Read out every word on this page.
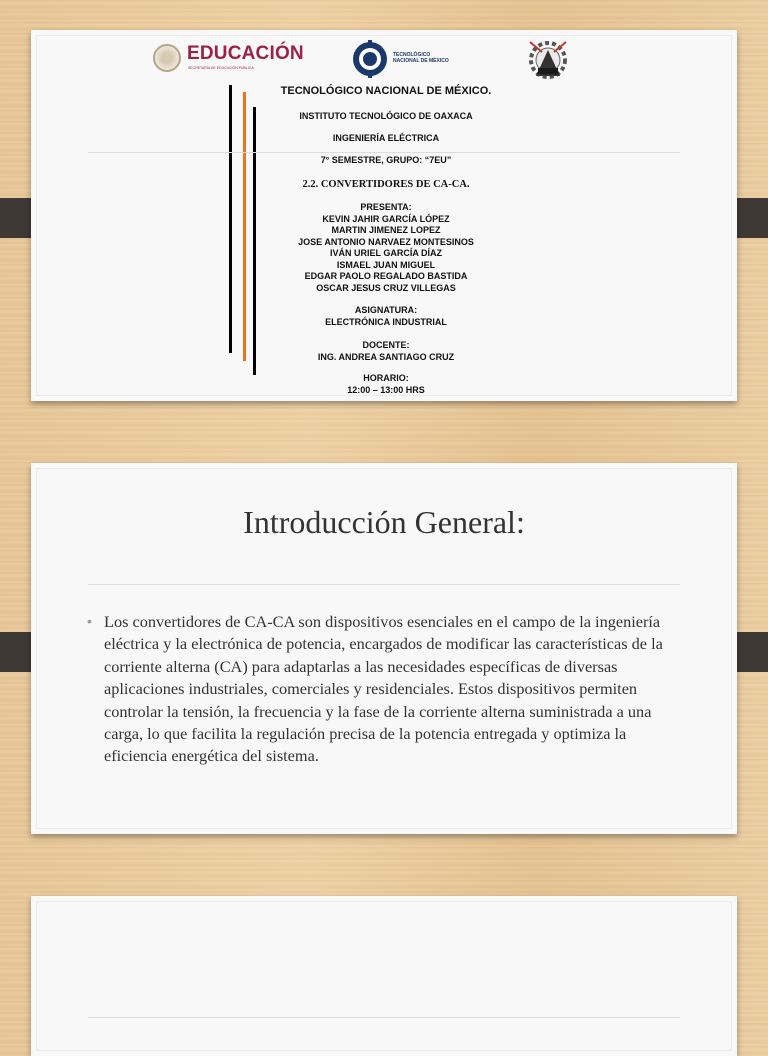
EDUCACIÓN
SECRETARÍA DE EDUCACIÓN PÚBLICA
TECNOLÓGICO
NACIONAL DE MÉXICO
TECNOLÓGICO NACIONAL DE MÉXICO.
INSTITUTO TECNOLÓGICO DE OAXACA
INGENIERÍA ELÉCTRICA
7° SEMESTRE, GRUPO: “7EU”
2.2. CONVERTIDORES DE CA-CA.
PRESENTA:
KEVIN JAHIR GARCÍA LÓPEZ
MARTIN JIMENEZ LOPEZ
JOSE ANTONIO NARVAEZ MONTESINOS
IVÁN URIEL GARCÍA DÍAZ
ISMAEL JUAN MIGUEL
EDGAR PAOLO REGALADO BASTIDA
OSCAR JESUS CRUZ VILLEGAS
ASIGNATURA:
ELECTRÓNICA INDUSTRIAL
DOCENTE:
ING. ANDREA SANTIAGO CRUZ
HORARIO:
12:00 – 13:00 HRS
Introducción General:
• Los convertidores de CA-CA son dispositivos esenciales en el campo de la ingeniería eléctrica y la electrónica de potencia, encargados de modificar las características de la corriente alterna (CA) para adaptarlas a las necesidades específicas de diversas aplicaciones industriales, comerciales y residenciales. Estos dispositivos permiten controlar la tensión, la frecuencia y la fase de la corriente alterna suministrada a una carga, lo que facilita la regulación precisa de la potencia entregada y optimiza la eficiencia energética del sistema.
